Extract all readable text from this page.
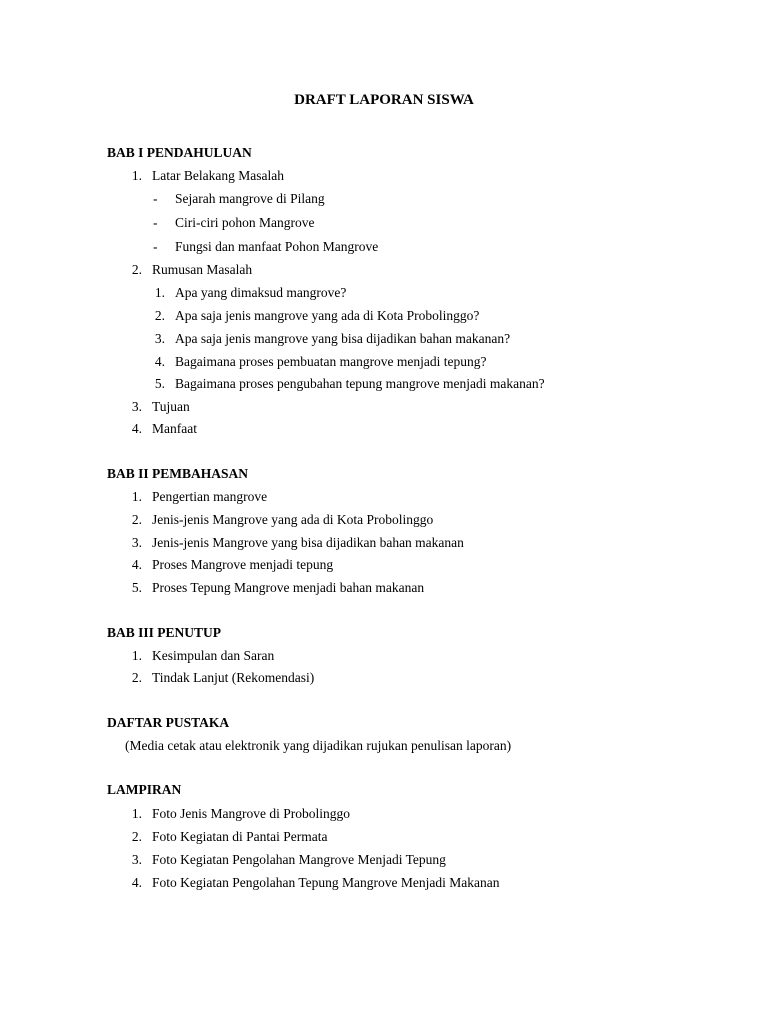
DRAFT LAPORAN SISWA
BAB I PENDAHULUAN
1. Latar Belakang Masalah
-	Sejarah mangrove di Pilang
-	Ciri-ciri pohon Mangrove
-	Fungsi dan manfaat Pohon Mangrove
2. Rumusan Masalah
1. Apa yang dimaksud mangrove?
2. Apa saja jenis mangrove yang ada di Kota Probolinggo?
3. Apa saja jenis mangrove yang bisa dijadikan bahan makanan?
4. Bagaimana proses pembuatan mangrove menjadi tepung?
5. Bagaimana proses pengubahan tepung mangrove menjadi makanan?
3. Tujuan
4. Manfaat
BAB II PEMBAHASAN
1. Pengertian mangrove
2. Jenis-jenis Mangrove yang ada di Kota Probolinggo
3. Jenis-jenis Mangrove yang bisa dijadikan bahan makanan
4. Proses Mangrove menjadi tepung
5. Proses Tepung Mangrove menjadi bahan makanan
BAB III PENUTUP
1. Kesimpulan dan Saran
2. Tindak Lanjut (Rekomendasi)
DAFTAR PUSTAKA
(Media cetak atau elektronik yang dijadikan rujukan penulisan laporan)
LAMPIRAN
1. Foto Jenis Mangrove di Probolinggo
2. Foto Kegiatan di Pantai Permata
3. Foto Kegiatan Pengolahan Mangrove Menjadi Tepung
4. Foto Kegiatan Pengolahan Tepung Mangrove Menjadi Makanan
